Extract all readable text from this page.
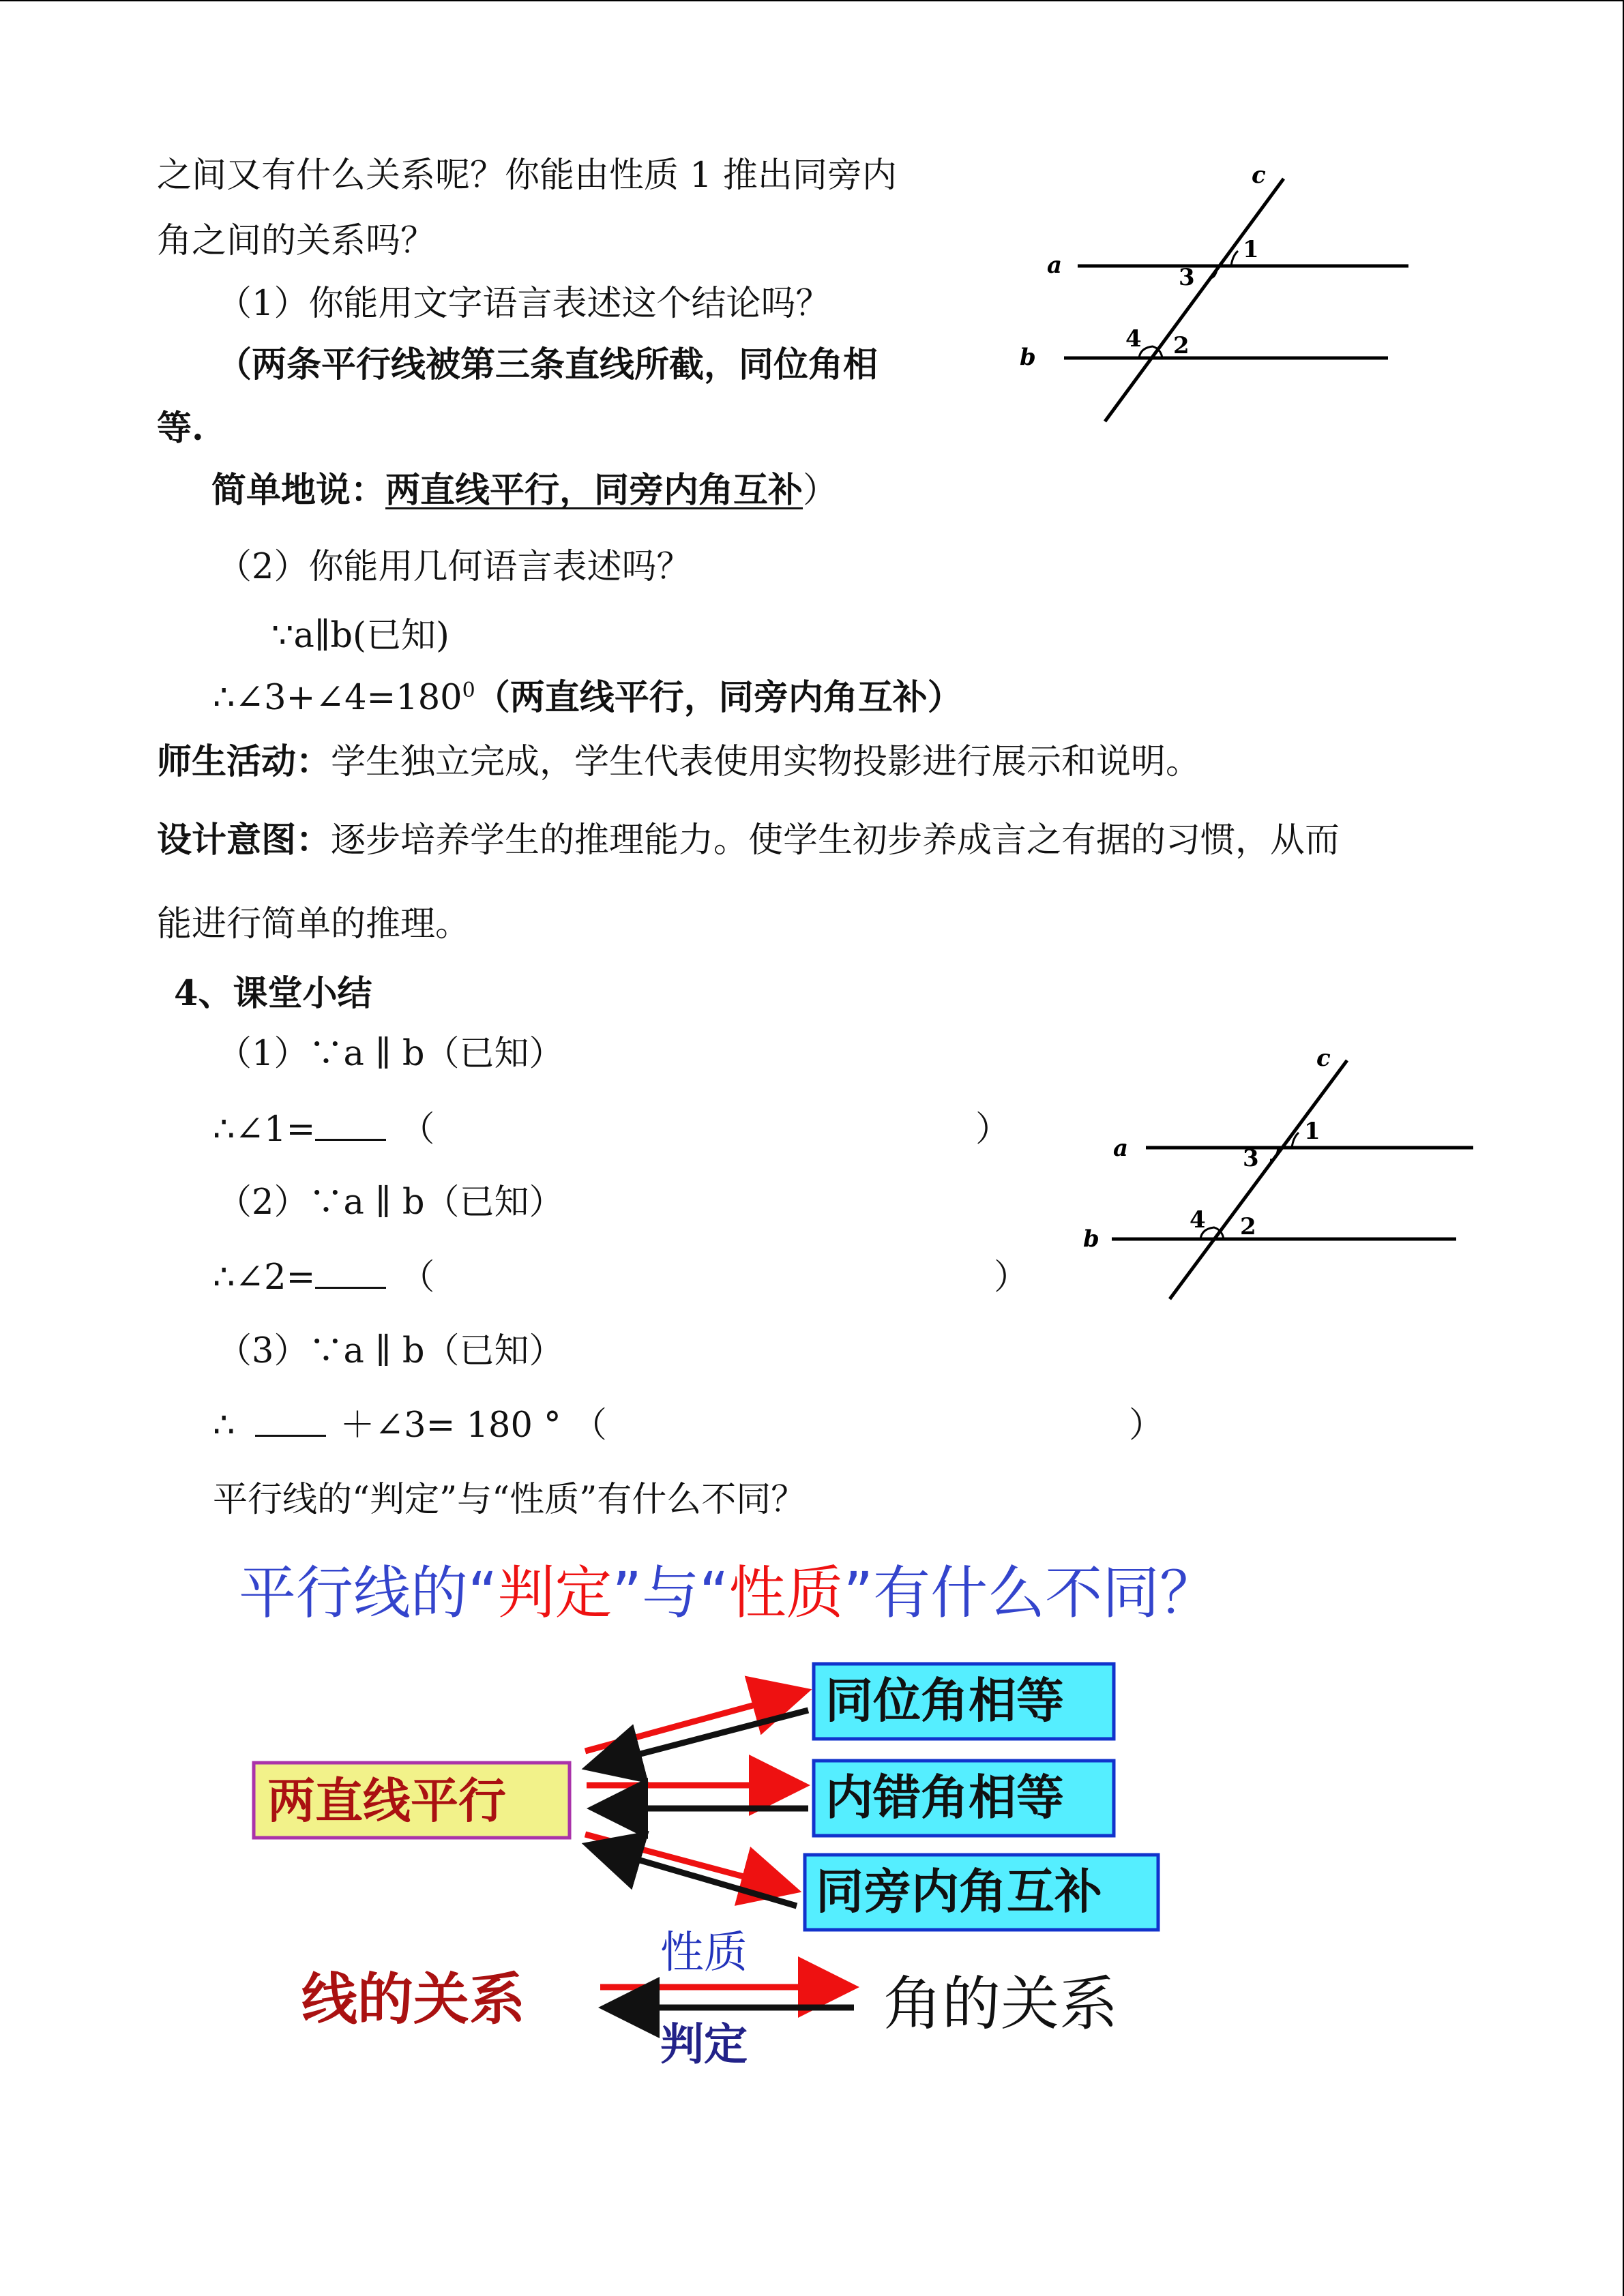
之间又有什么关系呢？你能由性质 1 推出同旁内
角之间的关系吗？
（1）你能用文字语言表述这个结论吗？
（两条平行线被第三条直线所截，同位角相
等.
简单地说：两直线平行，同旁内角互补）
（2）你能用几何语言表述吗？
∵a∥b(已知)
$\therefore\angle 3+\angle 4=180^0$（两直线平行，同旁内角互补）
c
a
b
1
3
4 2
师生活动：学生独立完成，学生代表使用实物投影进行展示和说明。
设计意图：逐步培养学生的推理能力。使学生初步养成言之有据的习惯，从而
能进行简单的推理。
4、课堂小结
（1）∵a ∥ b（已知）
∴∠1= （	）
（2）∵a ∥ b（已知）
∴∠2= （	）
（3）∵a ∥ b（已知）
∴	＋∠3= 180 ° （	）
平行线的“判定”与“性质”有什么不同？
c
a
b
1
3
4 2
平行线的“判定”与“性质”有什么不同？
两直线平行
同位角相等
内错角相等
同旁内角互补
线的关系	角的关系
性质
判定
